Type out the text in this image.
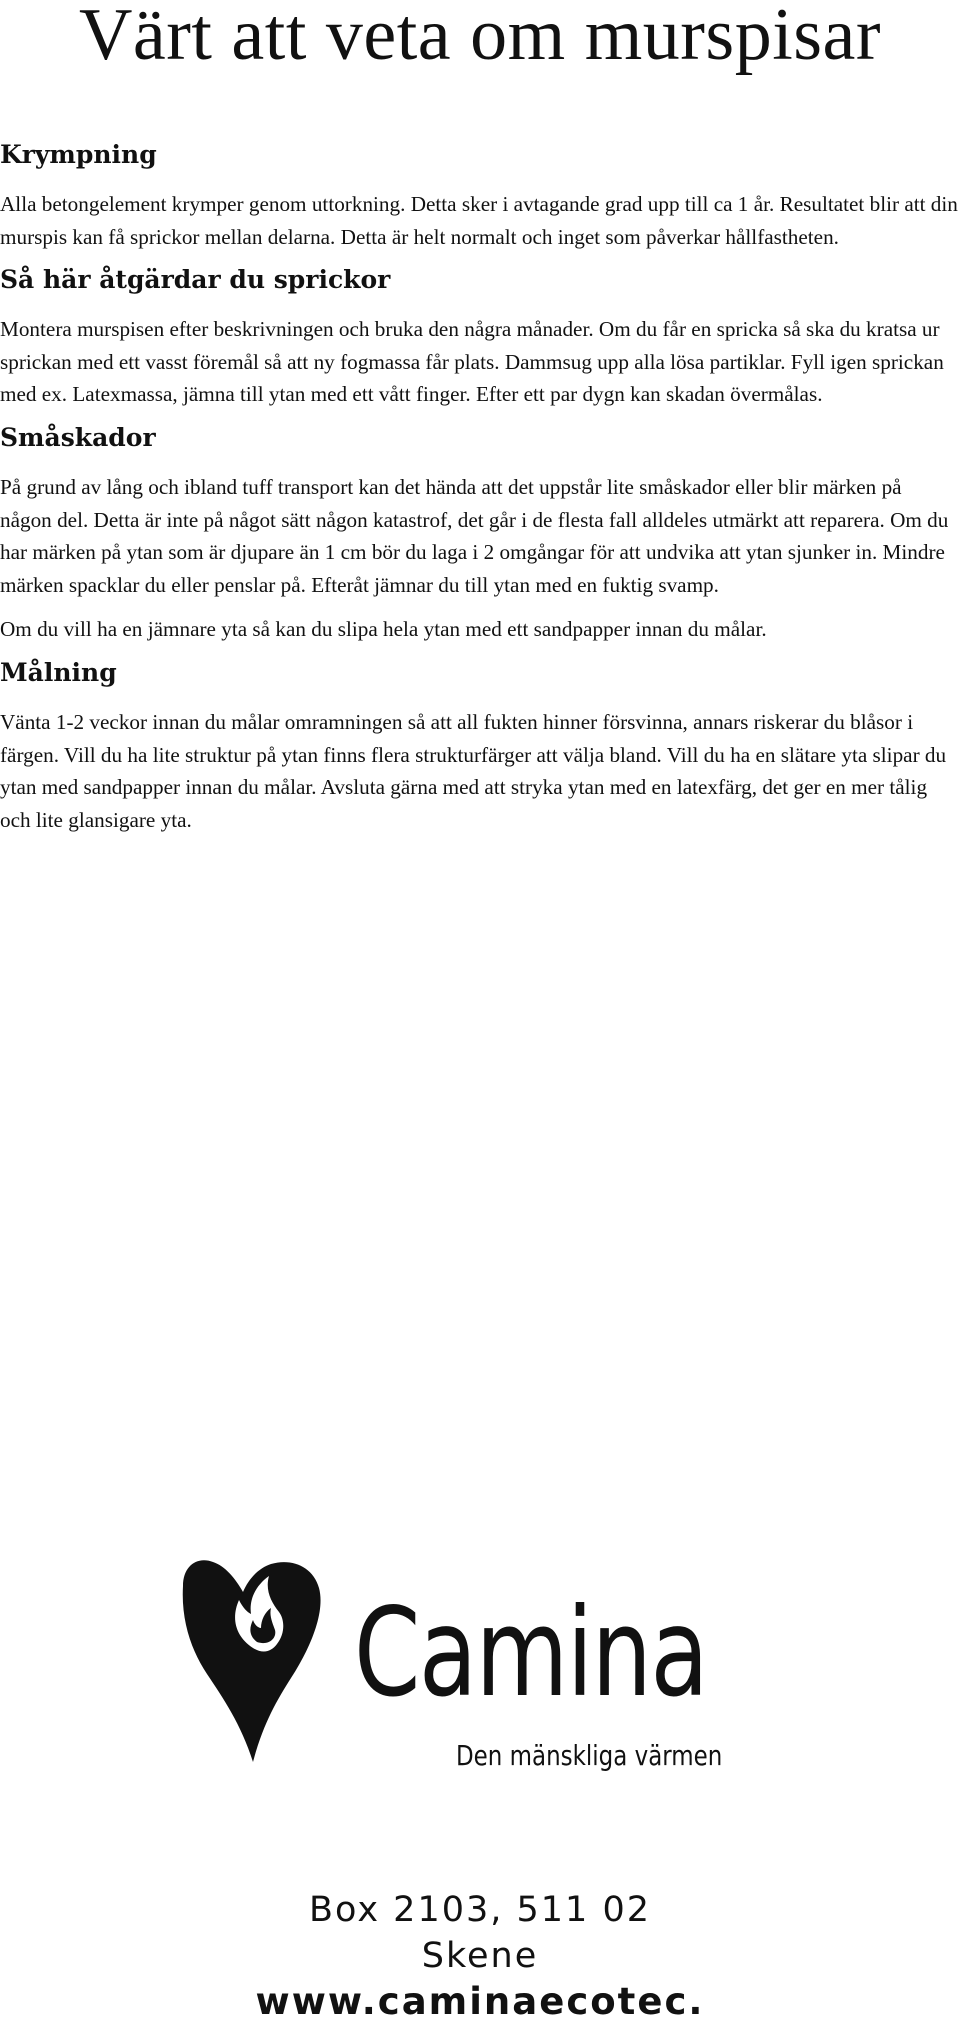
Värt att veta om murspisar
Krympning

Alla betongelement krymper genom uttorkning. Detta sker i avtagande grad upp till ca 1 år. Resultatet blir att din murspis kan få sprickor mellan delarna. Detta är helt normalt och inget som påverkar hållfastheten.

Så här åtgärdar du sprickor

Montera murspisen efter beskrivningen och bruka den några månader. Om du får en spricka så ska du kratsa ur sprickan med ett vasst föremål så att ny fogmassa får plats. Dammsug upp alla lösa partiklar. Fyll igen sprickan med ex. Latexmassa, jämna till ytan med ett vått finger. Efter ett par dygn kan skadan övermålas.

Småskador

På grund av lång och ibland tuff transport kan det hända att det uppstår lite småskador eller blir märken på någon del. Detta är inte på något sätt någon katastrof, det går i de flesta fall alldeles utmärkt att reparera. Om du har märken på ytan som är djupare än 1 cm bör du laga i 2 omgångar för att undvika att ytan sjunker in. Mindre märken spacklar du eller penslar på. Efteråt jämnar du till ytan med en fuktig svamp.

Om du vill ha en jämnare yta så kan du slipa hela ytan med ett sandpapper innan du målar.

Målning

Vänta 1-2 veckor innan du målar omramningen så att all fukten hinner försvinna, annars riskerar du blåsor i färgen. Vill du ha lite struktur på ytan finns flera strukturfärger att välja bland. Vill du ha en slätare yta slipar du ytan med sandpapper innan du målar. Avsluta gärna med att stryka ytan med en latexfärg, det ger en mer tålig och lite glansigare yta.

Camina
Den mänskliga värmen
Box 2103, 511 02
Skene
www.caminaecotec.
